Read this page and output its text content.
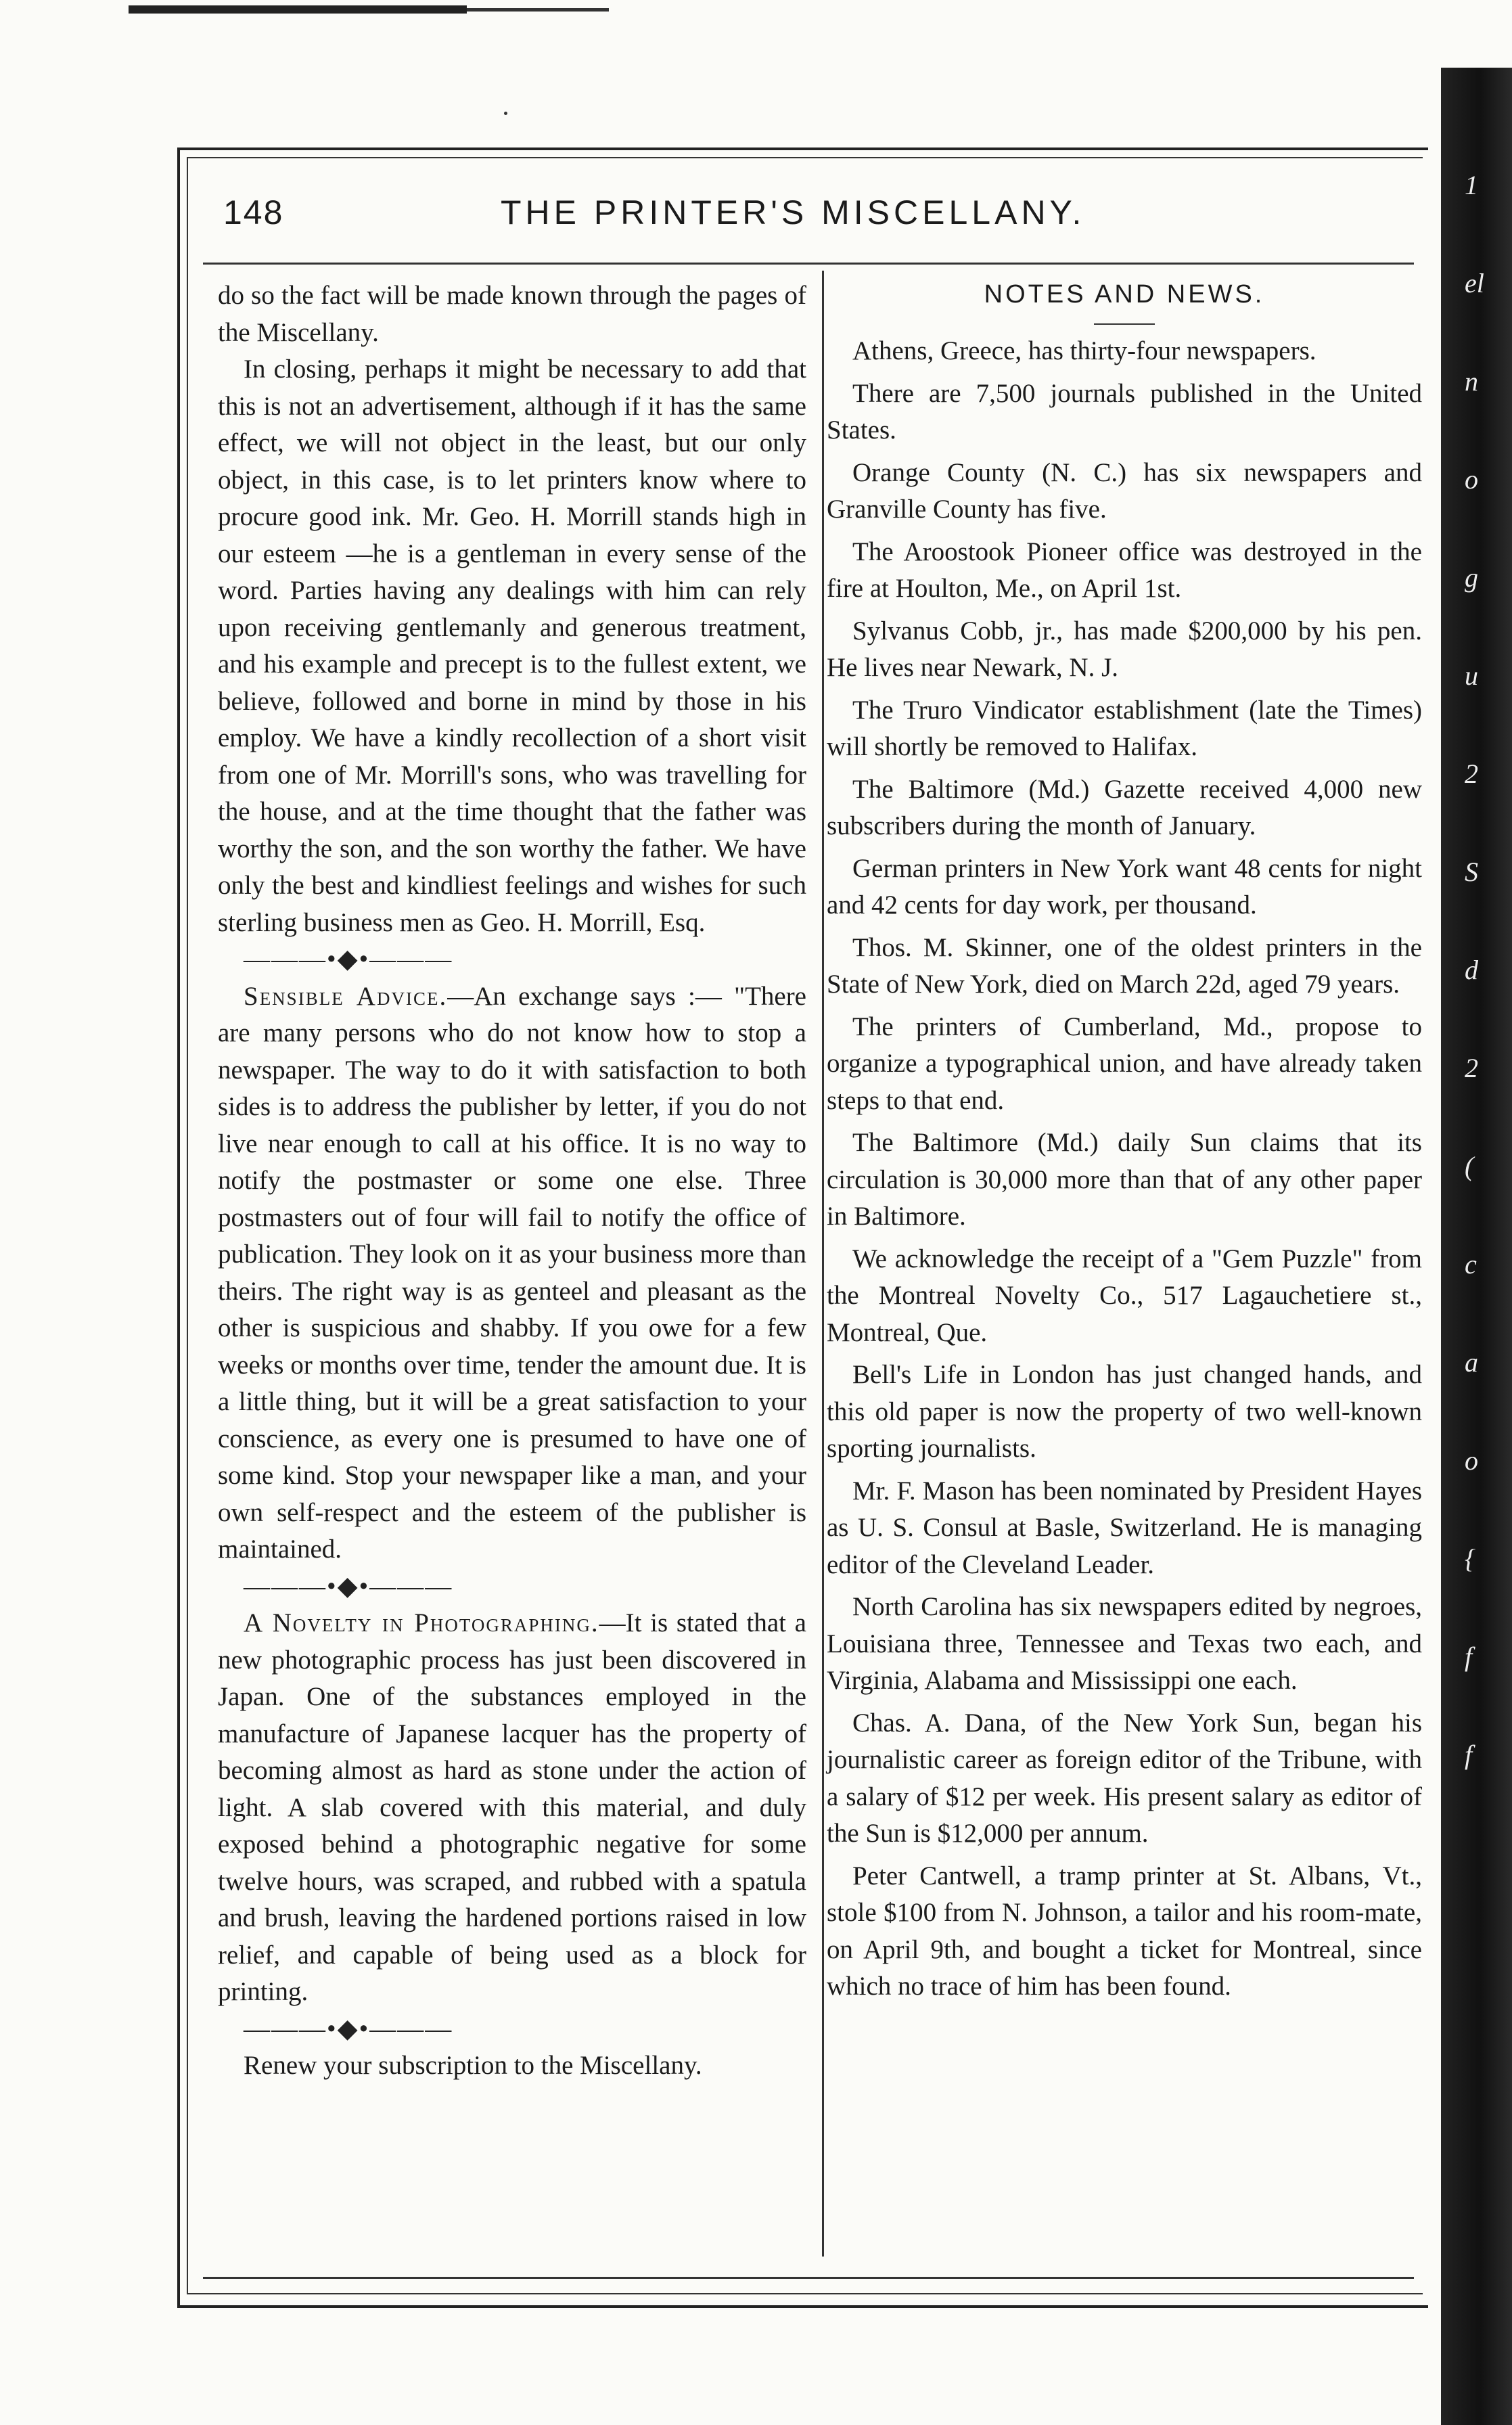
148	THE PRINTER'S MISCELLANY.

do so the fact will be made known through the pages of the Miscellany.

In closing, perhaps it might be necessary to add that this is not an advertisement, although if it has the same effect, we will not object in the least, but our only object, in this case, is to let printers know where to procure good ink. Mr. Geo. H. Morrill stands high in our esteem —he is a gentleman in every sense of the word. Parties having any dealings with him can rely upon receiving gentlemanly and generous treatment, and his example and precept is to the fullest extent, we believe, followed and borne in mind by those in his employ. We have a kindly recollection of a short visit from one of Mr. Morrill's sons, who was travelling for the house, and at the time thought that the father was worthy the son, and the son worthy the father. We have only the best and kindliest feelings and wishes for such sterling business men as Geo. H. Morrill, Esq.

———•◆•———

Sensible Advice.—An exchange says :— "There are many persons who do not know how to stop a newspaper. The way to do it with satisfaction to both sides is to address the publisher by letter, if you do not live near enough to call at his office. It is no way to notify the postmaster or some one else. Three postmasters out of four will fail to notify the office of publication. They look on it as your business more than theirs. The right way is as genteel and pleasant as the other is suspicious and shabby. If you owe for a few weeks or months over time, tender the amount due. It is a little thing, but it will be a great satisfaction to your conscience, as every one is presumed to have one of some kind. Stop your newspaper like a man, and your own self-respect and the esteem of the publisher is maintained.

———•◆•———

A Novelty in Photographing.—It is stated that a new photographic process has just been discovered in Japan. One of the substances employed in the manufacture of Japanese lacquer has the property of becoming almost as hard as stone under the action of light. A slab covered with this material, and duly exposed behind a photographic negative for some twelve hours, was scraped, and rubbed with a spatula and brush, leaving the hardened portions raised in low relief, and capable of being used as a block for printing.

———•◆•———

Renew your subscription to the Miscellany.

NOTES AND NEWS.

Athens, Greece, has thirty-four newspapers.

There are 7,500 journals published in the United States.

Orange County (N. C.) has six newspapers and Granville County has five.

The Aroostook Pioneer office was destroyed in the fire at Houlton, Me., on April 1st.

Sylvanus Cobb, jr., has made $200,000 by his pen. He lives near Newark, N. J.

The Truro Vindicator establishment (late the Times) will shortly be removed to Halifax.

The Baltimore (Md.) Gazette received 4,000 new subscribers during the month of January.

German printers in New York want 48 cents for night and 42 cents for day work, per thousand.

Thos. M. Skinner, one of the oldest printers in the State of New York, died on March 22d, aged 79 years.

The printers of Cumberland, Md., propose to organize a typographical union, and have already taken steps to that end.

The Baltimore (Md.) daily Sun claims that its circulation is 30,000 more than that of any other paper in Baltimore.

We acknowledge the receipt of a "Gem Puzzle" from the Montreal Novelty Co., 517 Lagauchetiere st., Montreal, Que.

Bell's Life in London has just changed hands, and this old paper is now the property of two well-known sporting journalists.

Mr. F. Mason has been nominated by President Hayes as U. S. Consul at Basle, Switzerland. He is managing editor of the Cleveland Leader.

North Carolina has six newspapers edited by negroes, Louisiana three, Tennessee and Texas two each, and Virginia, Alabama and Mississippi one each.

Chas. A. Dana, of the New York Sun, began his journalistic career as foreign editor of the Tribune, with a salary of $12 per week. His present salary as editor of the Sun is $12,000 per annum.

Peter Cantwell, a tramp printer at St. Albans, Vt., stole $100 from N. Johnson, a tailor and his room-mate, on April 9th, and bought a ticket for Montreal, since which no trace of him has been found.

1
el
n
o
g
u
2
S
d
2
(
c
a
o
{
f
f
